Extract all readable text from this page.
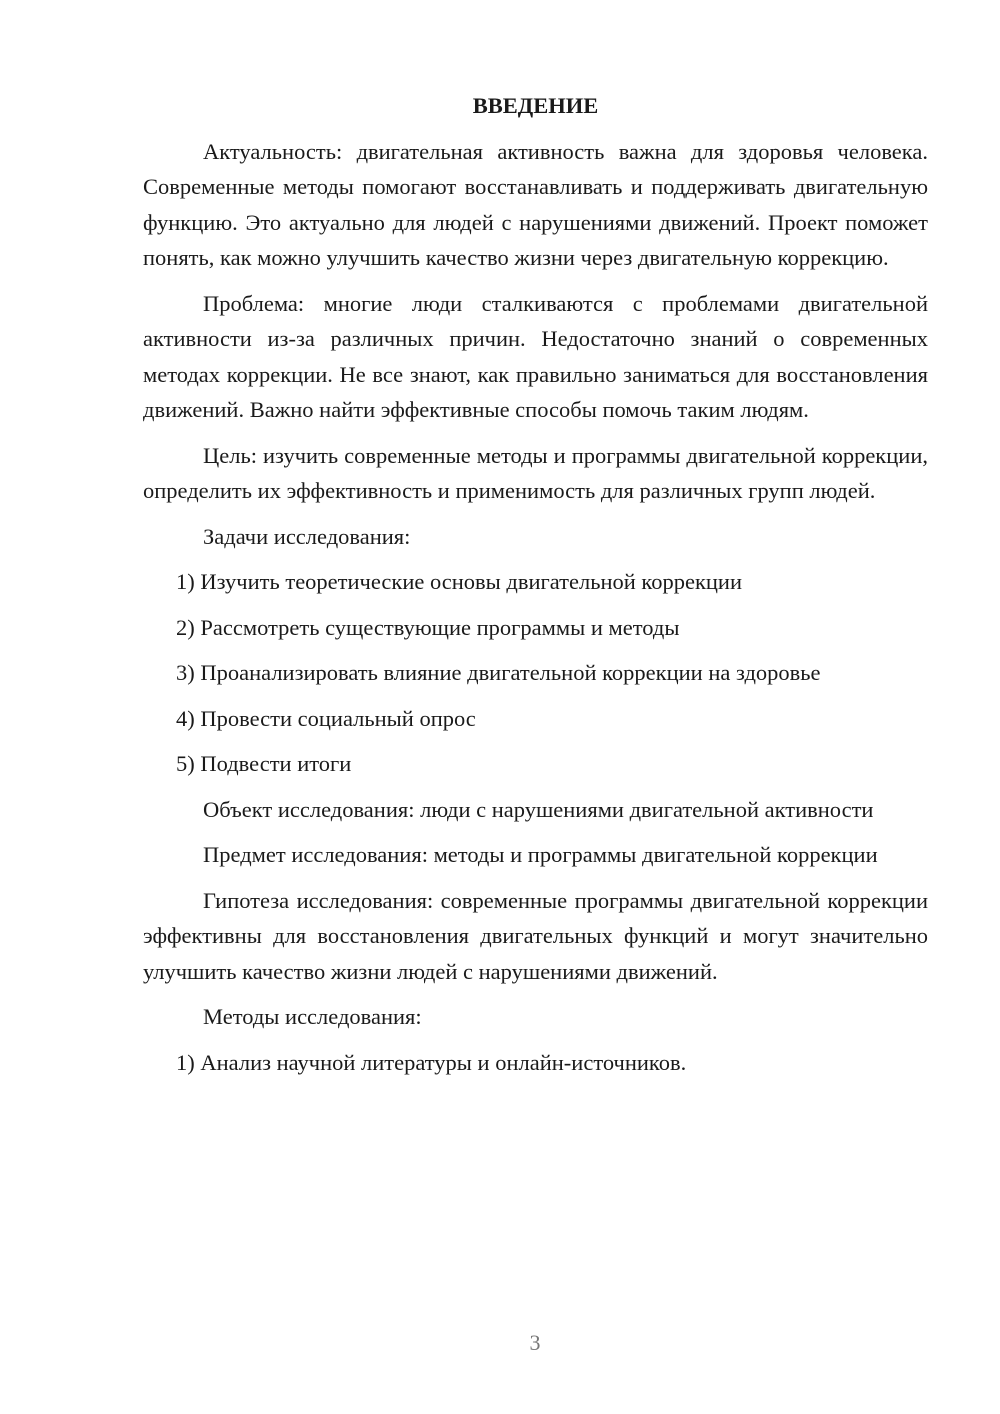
ВВЕДЕНИЕ

Актуальность: двигательная активность важна для здоровья человека. Современные методы помогают восстанавливать и поддерживать двигательную функцию. Это актуально для людей с нарушениями движений. Проект поможет понять, как можно улучшить качество жизни через двигательную коррекцию.

Проблема: многие люди сталкиваются с проблемами двигательной активности из-за различных причин. Недостаточно знаний о современных методах коррекции. Не все знают, как правильно заниматься для восстановления движений. Важно найти эффективные способы помочь таким людям.

Цель: изучить современные методы и программы двигательной коррекции, определить их эффективность и применимость для различных групп людей.

Задачи исследования:

1) Изучить теоретические основы двигательной коррекции

2) Рассмотреть существующие программы и методы

3) Проанализировать влияние двигательной коррекции на здоровье

4) Провести социальный опрос

5) Подвести итоги

Объект исследования: люди с нарушениями двигательной активности

Предмет исследования: методы и программы двигательной коррекции

Гипотеза исследования: современные программы двигательной коррекции эффективны для восстановления двигательных функций и могут значительно улучшить качество жизни людей с нарушениями движений.

Методы исследования:

1) Анализ научной литературы и онлайн-источников.

3
